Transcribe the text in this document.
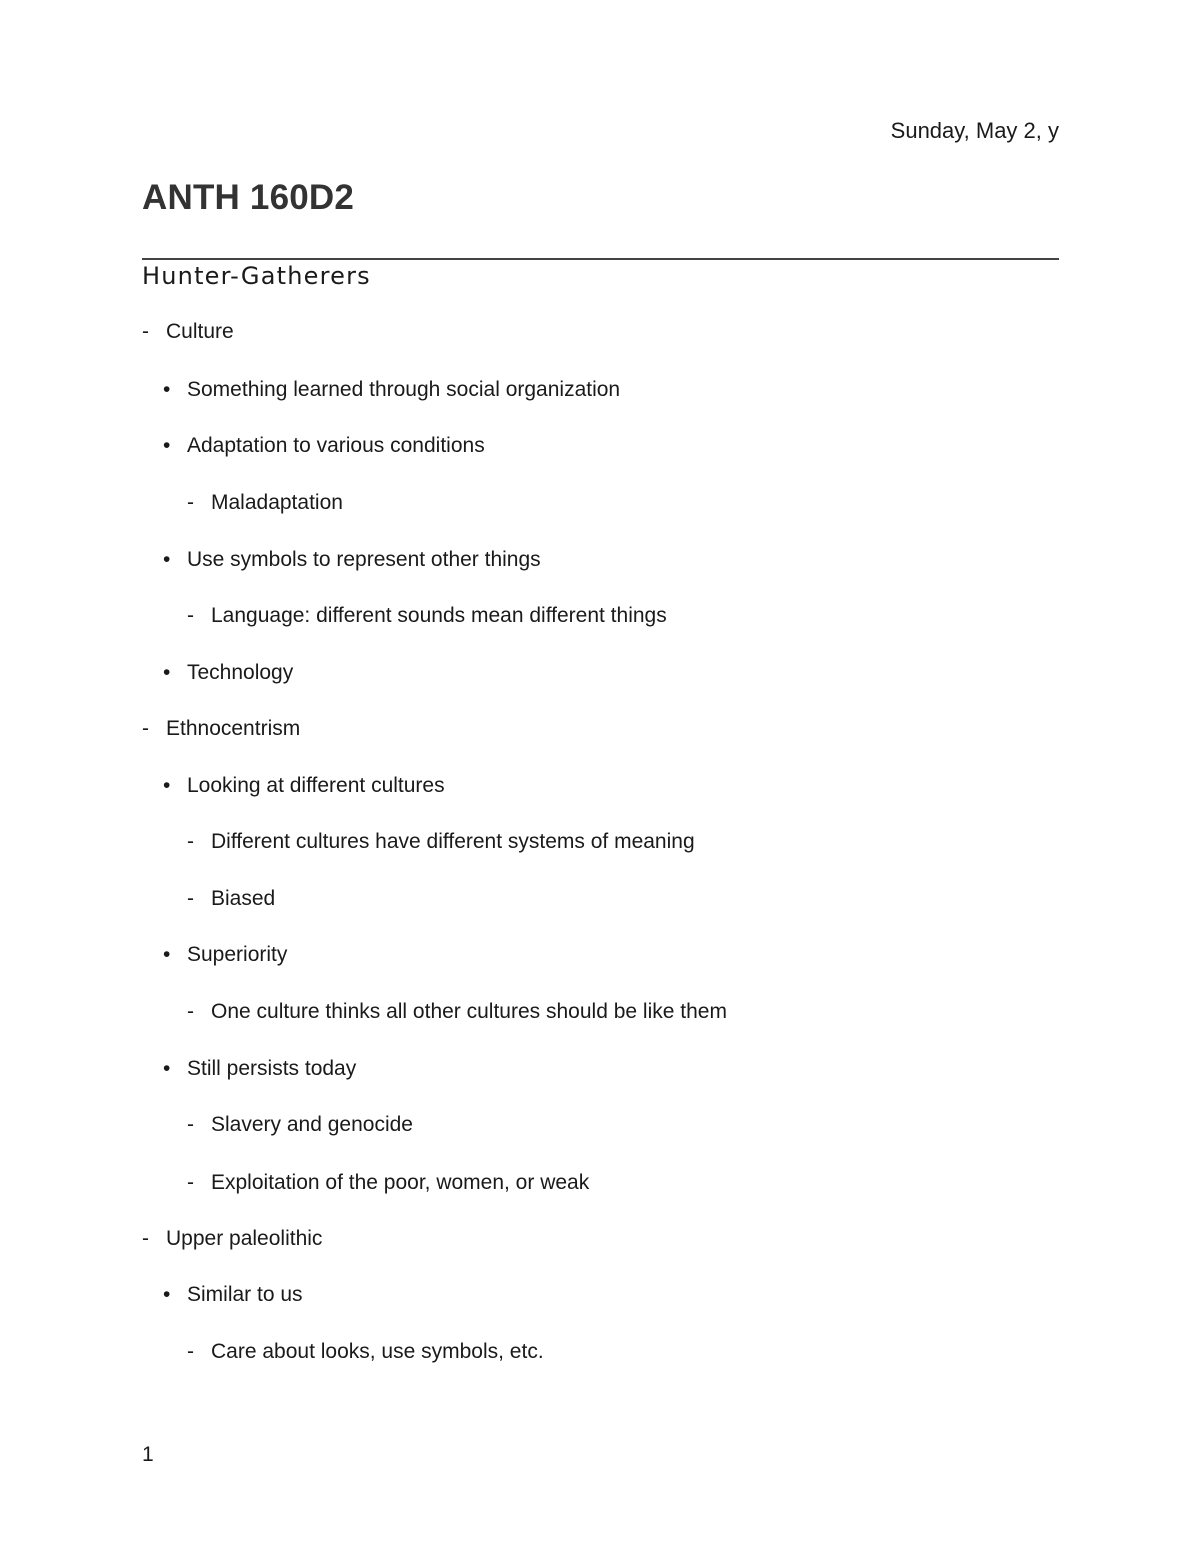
Sunday, May 2, y
ANTH 160D2
Hunter-Gatherers
- Culture
• Something learned through social organization
• Adaptation to various conditions
- Maladaptation
• Use symbols to represent other things
- Language: different sounds mean different things
• Technology
- Ethnocentrism
• Looking at different cultures
- Different cultures have different systems of meaning
- Biased
• Superiority
- One culture thinks all other cultures should be like them
• Still persists today
- Slavery and genocide
- Exploitation of the poor, women, or weak
- Upper paleolithic
• Similar to us
- Care about looks, use symbols, etc.
1
